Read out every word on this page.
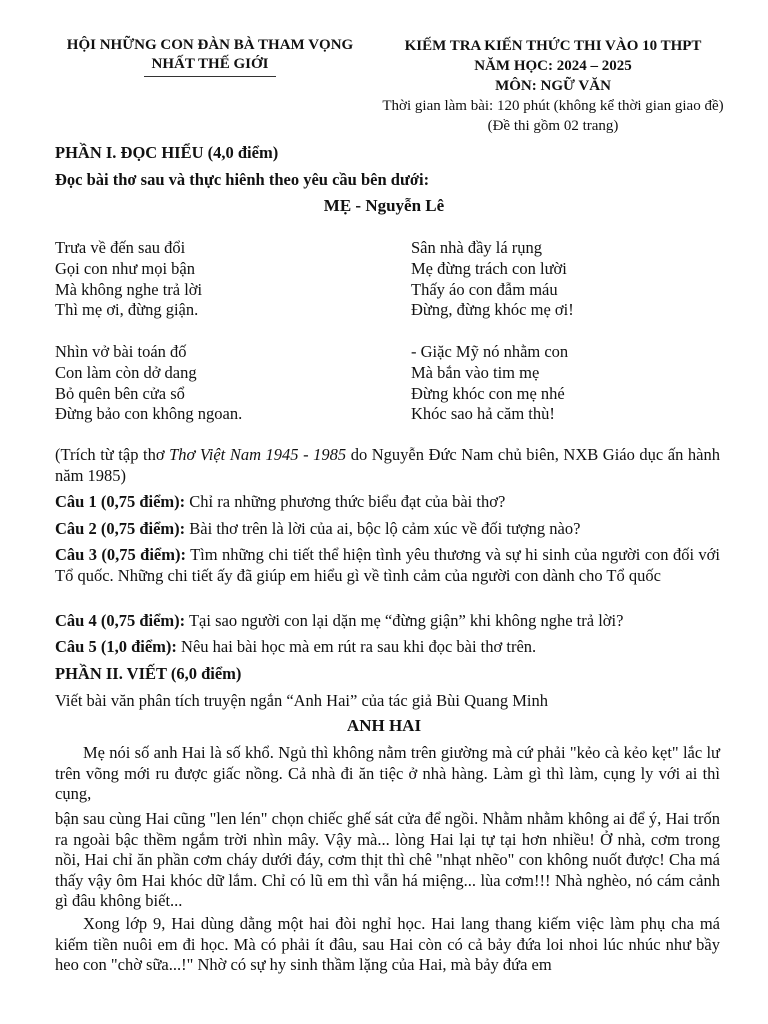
HỘI NHỮNG CON ĐÀN BÀ THAM VỌNG
NHẤT THẾ GIỚI
KIẾM TRA KIẾN THỨC THI VÀO 10 THPT
NĂM HỌC: 2024 – 2025
MÔN: NGỮ VĂN
Thời gian làm bài: 120 phút (không kể thời gian giao đề)
(Đề thi gồm 02 trang)
PHẦN I. ĐỌC HIỂU (4,0 điểm)
Đọc bài thơ sau và thực hiênh theo yêu cầu bên dưới:
MẸ - Nguyễn Lê
Trưa về đến sau đổi
Gọi con như mọi bận
Mà không nghe trả lời
Thì mẹ ơi, đừng giận.
Nhìn vở bài toán đố
Con làm còn dở dang
Bỏ quên bên cửa sổ
Đừng bảo con không ngoan.
Sân nhà đầy lá rụng
Mẹ đừng trách con lười
Thấy áo con đẫm máu
Đừng, đừng khóc mẹ ơi!
- Giặc Mỹ nó nhằm con
Mà bắn vào tim mẹ
Đừng khóc con mẹ nhé
Khóc sao hả căm thù!
(Trích từ tập thơ Thơ Việt Nam 1945 - 1985 do Nguyễn Đức Nam chủ biên, NXB Giáo dục ấn hành năm 1985)
Câu 1 (0,75 điểm): Chỉ ra những phương thức biểu đạt của bài thơ?
Câu 2 (0,75 điểm): Bài thơ trên là lời của ai, bộc lộ cảm xúc về đối tượng nào?
Câu 3 (0,75 điểm): Tìm những chi tiết thể hiện tình yêu thương và sự hi sinh của người con đối với Tổ quốc. Những chi tiết ấy đã giúp em hiểu gì về tình cảm của người con dành cho Tổ quốc
Câu 4 (0,75 điểm): Tại sao người con lại dặn mẹ “đừng giận” khi không nghe trả lời?
Câu 5 (1,0 điểm): Nêu hai bài học mà em rút ra sau khi đọc bài thơ trên.
PHẦN II. VIẾT (6,0 điểm)
Viết bài văn phân tích truyện ngắn “Anh Hai” của tác giả Bùi Quang Minh
ANH HAI
Mẹ nói số anh Hai là số khổ. Ngủ thì không nằm trên giường mà cứ phải "kẻo cà kẻo kẹt" lắc lư trên võng mới ru được giấc nồng. Cả nhà đi ăn tiệc ở nhà hàng. Làm gì thì làm, cụng ly với ai thì cụng,
bận sau cùng Hai cũng "len lén" chọn chiếc ghế sát cửa để ngồi. Nhằm nhằm không ai để ý, Hai trốn ra ngoài bậc thềm ngắm trời nhìn mây. Vậy mà... lòng Hai lại tự tại hơn nhiều! Ở nhà, cơm trong nồi, Hai chỉ ăn phần cơm cháy dưới đáy, cơm thịt thì chê "nhạt nhẽo" con không nuốt được! Cha má thấy vậy ôm Hai khóc dữ lắm. Chỉ có lũ em thì vẫn há miệng... lùa cơm!!! Nhà nghèo, nó cám cảnh gì đâu không biết...
Xong lớp 9, Hai dùng dằng một hai đòi nghỉ học. Hai lang thang kiếm việc làm phụ cha má kiếm tiền nuôi em đi học. Mà có phải ít đâu, sau Hai còn có cả bảy đứa loi nhoi lúc nhúc như bầy heo con "chờ sữa...!" Nhờ có sự hy sinh thầm lặng của Hai, mà bảy đứa em
